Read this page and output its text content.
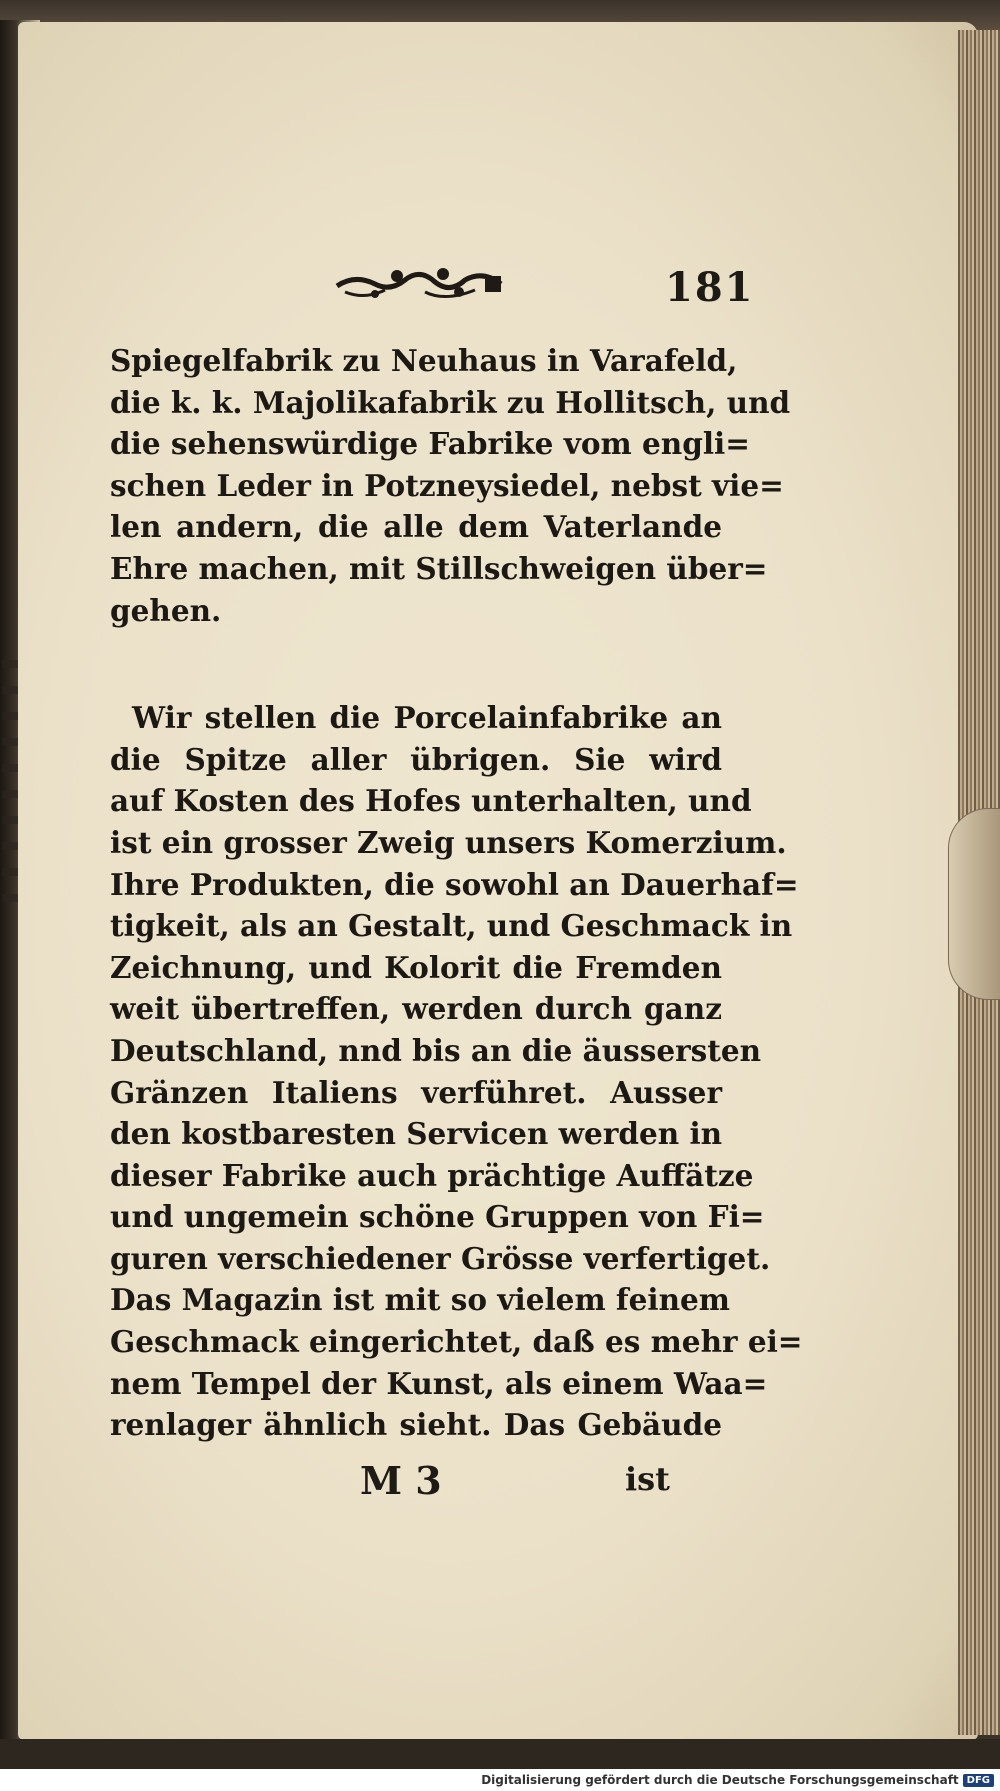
181
Spiegelfabrik zu Neuhaus in Varafeld,
die k. k. Majolikafabrik zu Hollitsch, und
die sehenswürdige Fabrike vom engli=
schen Leder in Potzneysiedel, nebst vie=
len andern, die alle dem Vaterlande
Ehre machen, mit Stillschweigen über=
gehen.
Wir stellen die Porcelainfabrike an
die Spitze aller übrigen. Sie wird
auf Kosten des Hofes unterhalten, und
ist ein grosser Zweig unsers Komerzium.
Ihre Produkten, die sowohl an Dauerhaf=
tigkeit, als an Gestalt, und Geschmack in
Zeichnung, und Kolorit die Fremden
weit übertreffen, werden durch ganz
Deutschland, nnd bis an die äussersten
Gränzen Italiens verführet. Ausser
den kostbaresten Servicen werden in
dieser Fabrike auch prächtige Auffätze
und ungemein schöne Gruppen von Fi=
guren verschiedener Grösse verfertiget.
Das Magazin ist mit so vielem feinem
Geschmack eingerichtet, daß es mehr ei=
nem Tempel der Kunst, als einem Waa=
renlager ähnlich sieht. Das Gebäude
M 3	ist
Digitalisierung gefördert durch die Deutsche Forschungsgemeinschaft DFG
